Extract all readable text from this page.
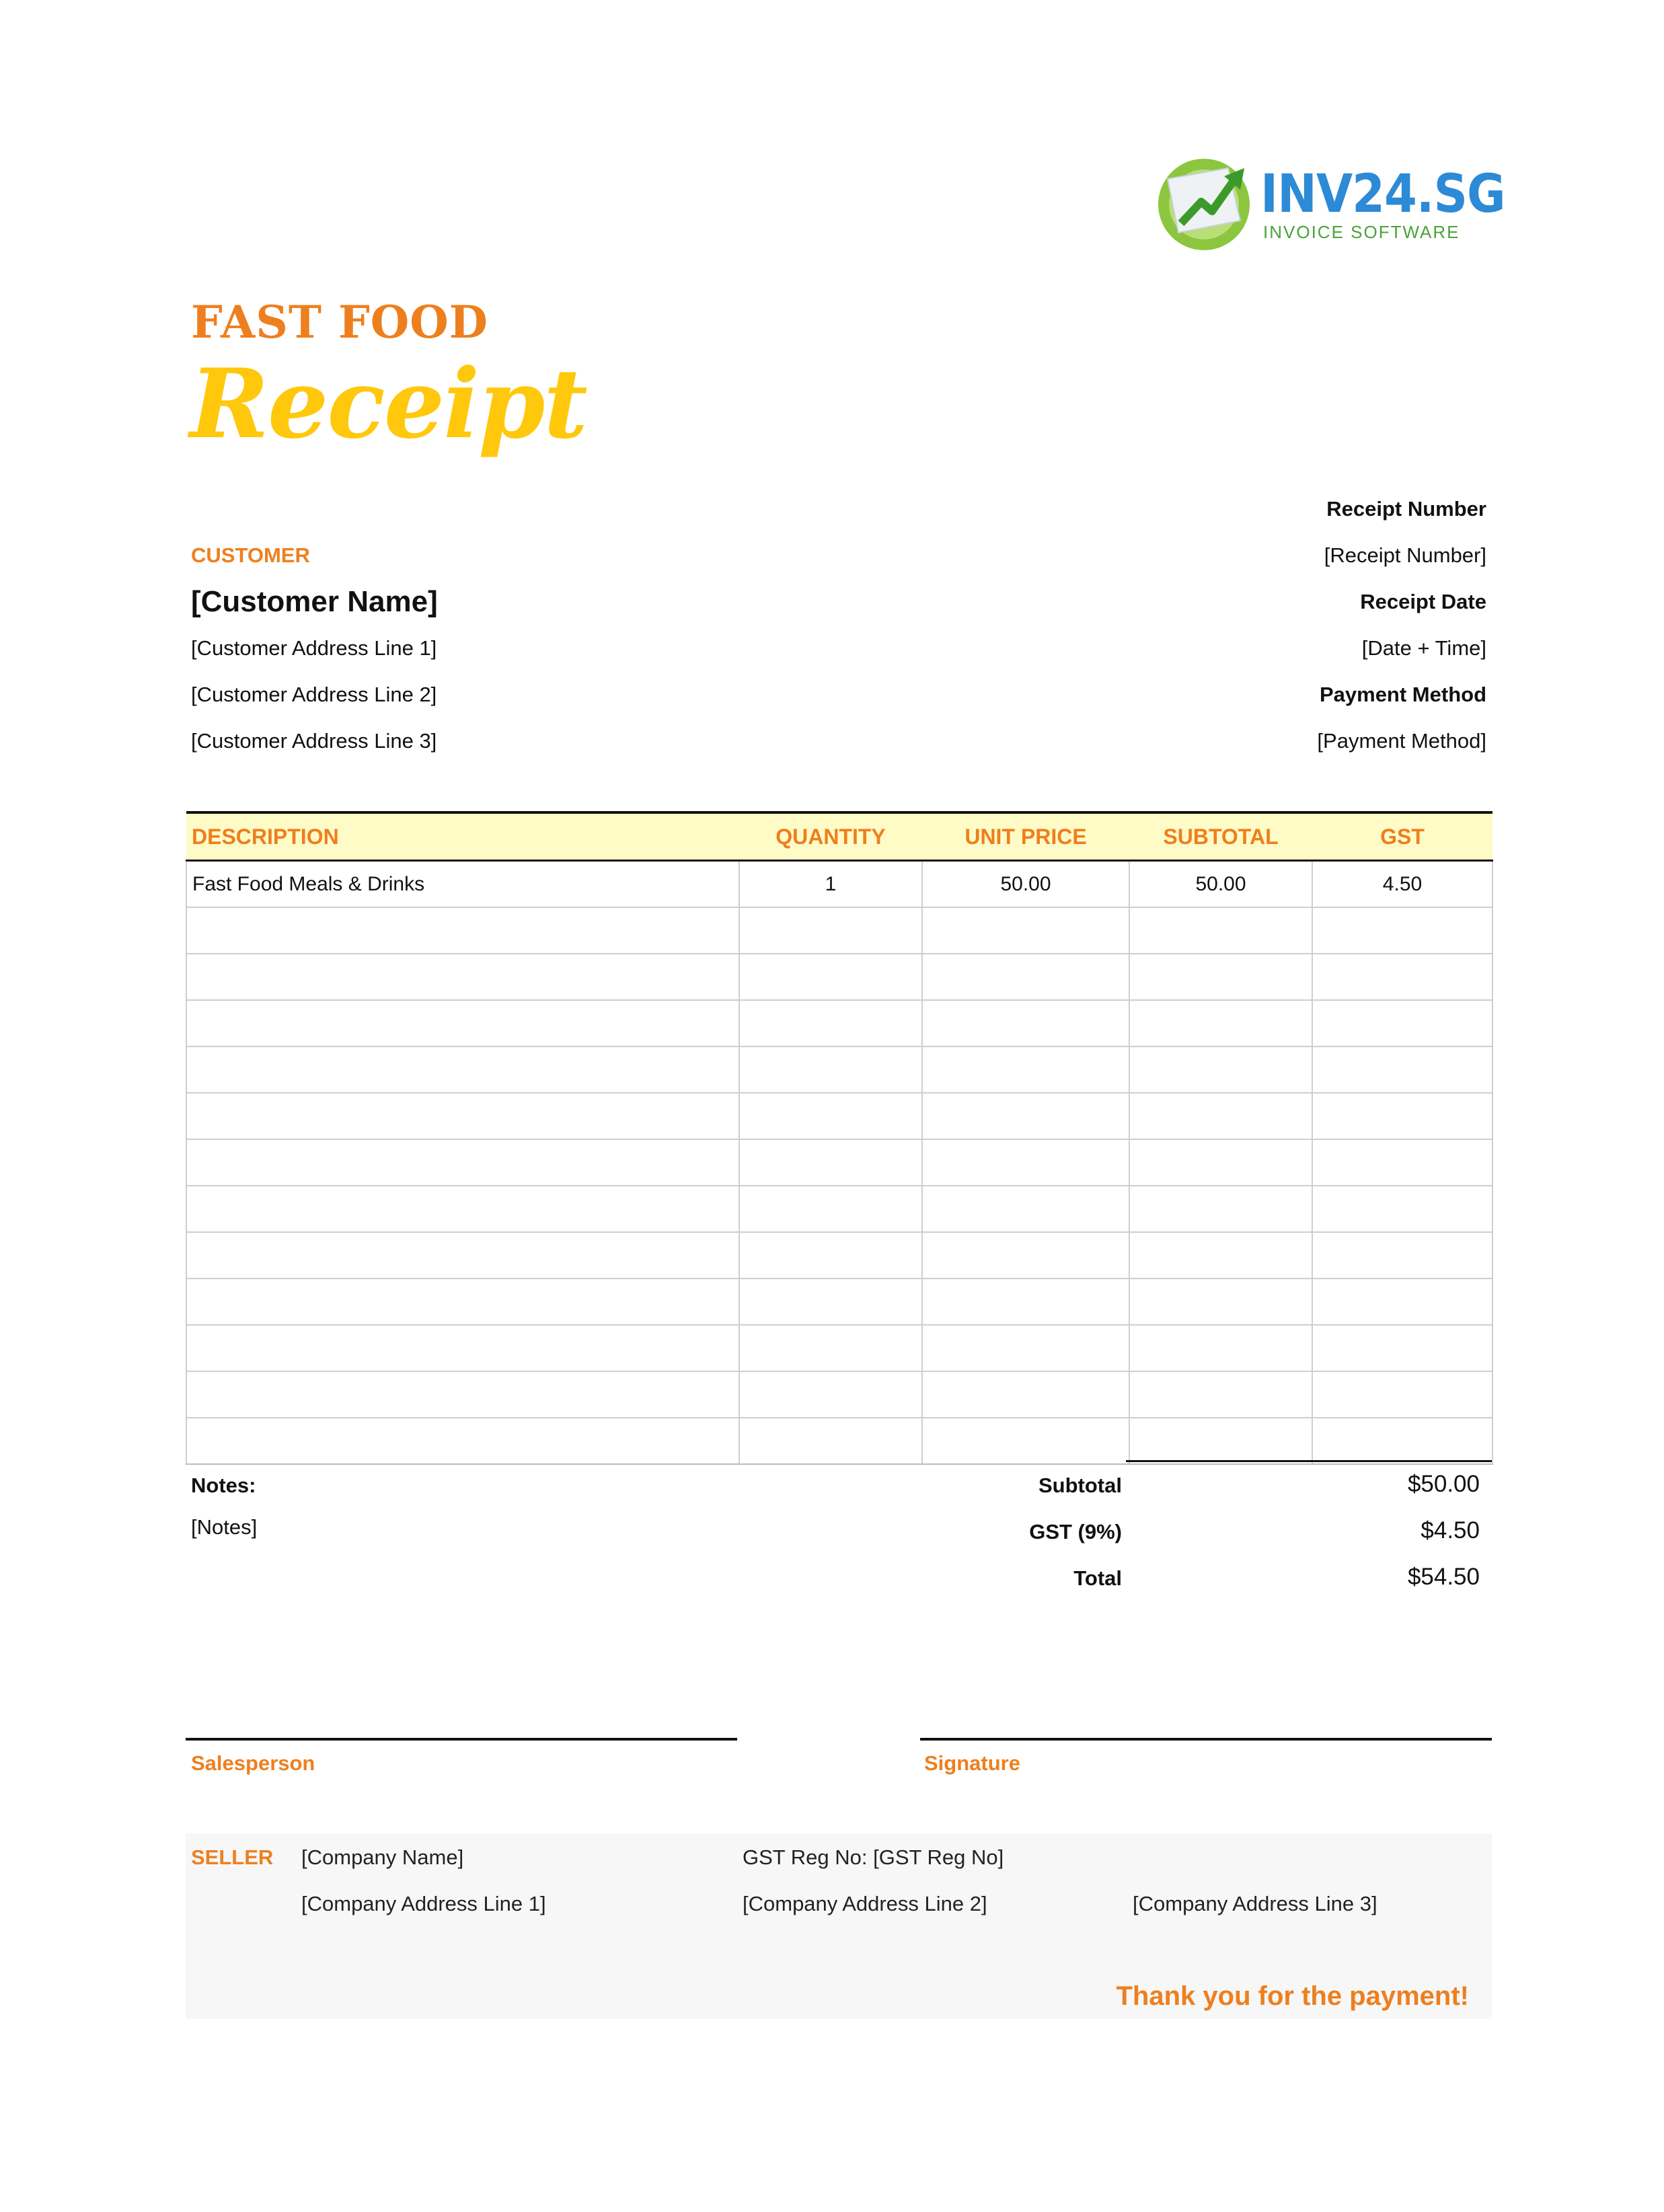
INV24.SG
INVOICE SOFTWARE
FAST FOOD
Receipt
CUSTOMER
[Customer Name]
[Customer Address Line 1]
[Customer Address Line 2]
[Customer Address Line 3]
Receipt Number
[Receipt Number]
Receipt Date
[Date + Time]
Payment Method
[Payment Method]
DESCRIPTION	QUANTITY	UNIT PRICE	SUBTOTAL	GST
Fast Food Meals & Drinks	1	50.00	50.00	4.50

Notes:
[Notes]
Subtotal	$50.00
GST (9%)	$4.50
Total	$54.50
Salesperson	Signature
SELLER [Company Name]	GST Reg No: [GST Reg No]
[Company Address Line 1]	[Company Address Line 2]	[Company Address Line 3]
Thank you for the payment!
